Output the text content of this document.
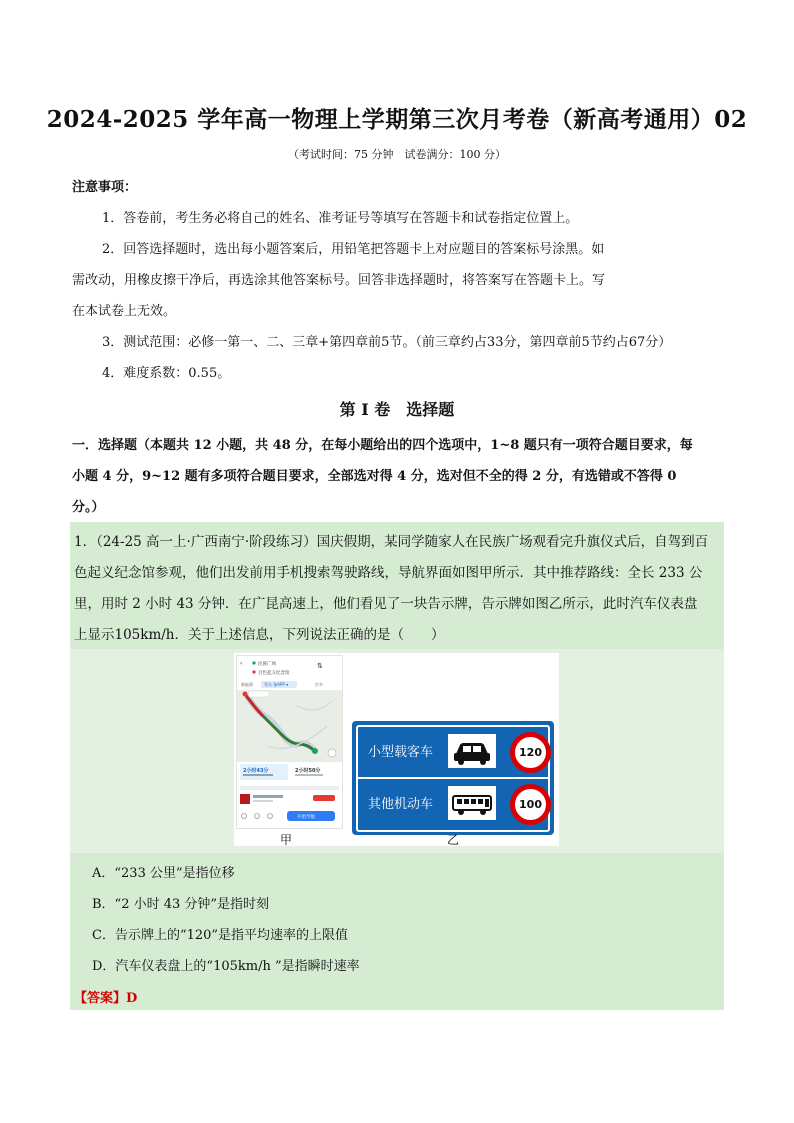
2024-2025 学年高一物理上学期第三次月考卷（新高考通用）02
（考试时间：75 分钟　试卷满分：100 分）
注意事项：
1．答卷前，考生务必将自己的姓名、准考证号等填写在答题卡和试卷指定位置上。
2．回答选择题时，选出每小题答案后，用铅笔把答题卡上对应题目的答案标号涂黑。如
需改动，用橡皮擦干净后，再选涂其他答案标号。回答非选择题时，将答案写在答题卡上。写
在本试卷上无效。
3．测试范围：必修一第一、二、三章+第四章前5节。（前三章约占33分，第四章前5节约占67分）
4．难度系数：0.55。
第 I 卷　选择题
一．选择题（本题共 12 小题，共 48 分，在每小题给出的四个选项中，1~8 题只有一项符合题目要求，每
小题 4 分，9~12 题有多项符合题目要求，全部选对得 4 分，选对但不全的得 2 分，有选错或不答得 0
分。）
1．（24-25 高一上·广西南宁·阶段练习）国庆假期，某同学随家人在民族广场观看完升旗仪式后，自驾到百
色起义纪念馆参观，他们出发前用手机搜索驾驶路线，导航界面如图甲所示．其中推荐路线：全长 233 公
里，用时 2 小时 43 分钟．在广昆高速上，他们看见了一块告示牌，告示牌如图乙所示，此时汽车仪表盘
上显示105km/h．关于上述信息，下列说法正确的是（　　）
‹	民族广场
百色起义纪念馆
⇅
新能源	驾车 备APP ▾	打车
2小时43分	2小时50分
开始导航
小型载客车	120
其他机动车	100
甲	乙
A．“233 公里”是指位移
B．“2 小时 43 分钟”是指时刻
C．告示牌上的“120”是指平均速率的上限值
D．汽车仪表盘上的“105km/h ”是指瞬时速率
【答案】D
